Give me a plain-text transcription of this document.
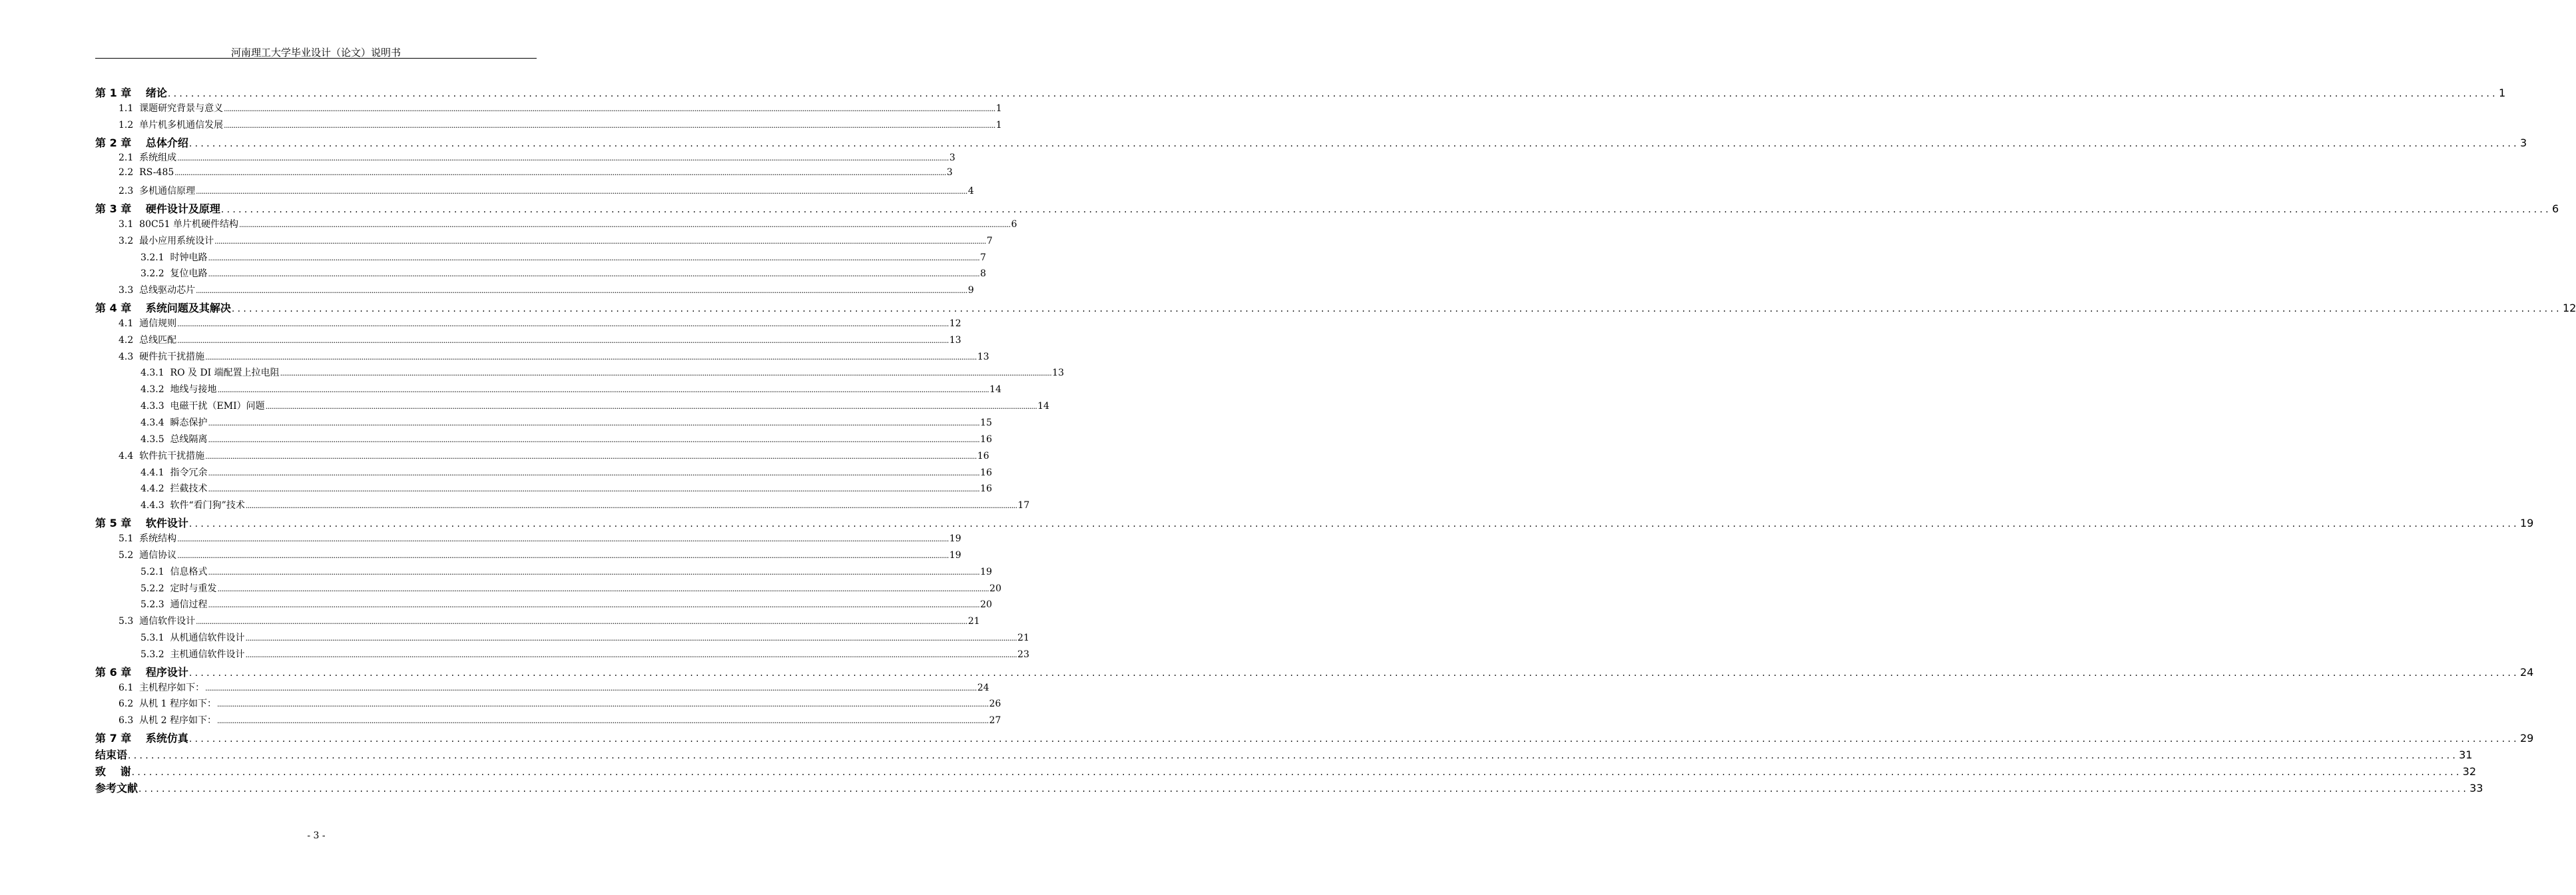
河南理工大学毕业设计（论文）说明书
第 1 章　 绪论 ................................................................................................................................................................................................................................................................................................................................................................................................................ 1
1.1  课题研究背景与意义 ................................................................................................................................................................................................................................................................................................................................................................................................................ 1
1.2  单片机多机通信发展 ................................................................................................................................................................................................................................................................................................................................................................................................................ 1
第 2 章　 总体介绍 ................................................................................................................................................................................................................................................................................................................................................................................................................ 3
2.1  系统组成 ................................................................................................................................................................................................................................................................................................................................................................................................................ 3
2.2  RS-485 ................................................................................................................................................................................................................................................................................................................................................................................................................ 3
2.3  多机通信原理 ................................................................................................................................................................................................................................................................................................................................................................................................................ 4
第 3 章　 硬件设计及原理 ................................................................................................................................................................................................................................................................................................................................................................................................................ 6
3.1  80C51 单片机硬件结构 ................................................................................................................................................................................................................................................................................................................................................................................................................ 6
3.2  最小应用系统设计 ................................................................................................................................................................................................................................................................................................................................................................................................................ 7
3.2.1  时钟电路 ................................................................................................................................................................................................................................................................................................................................................................................................................ 7
3.2.2  复位电路 ................................................................................................................................................................................................................................................................................................................................................................................................................ 8
3.3  总线驱动芯片 ................................................................................................................................................................................................................................................................................................................................................................................................................ 9
第 4 章　 系统问题及其解决 ................................................................................................................................................................................................................................................................................................................................................................................................................ 12
4.1  通信规则 ................................................................................................................................................................................................................................................................................................................................................................................................................ 12
4.2  总线匹配 ................................................................................................................................................................................................................................................................................................................................................................................................................ 13
4.3  硬件抗干扰措施 ................................................................................................................................................................................................................................................................................................................................................................................................................ 13
4.3.1  RO 及 DI 端配置上拉电阻 ................................................................................................................................................................................................................................................................................................................................................................................................................ 13
4.3.2  地线与接地 ................................................................................................................................................................................................................................................................................................................................................................................................................ 14
4.3.3  电磁干扰（EMI）问题 ................................................................................................................................................................................................................................................................................................................................................................................................................ 14
4.3.4  瞬态保护 ................................................................................................................................................................................................................................................................................................................................................................................................................ 15
4.3.5  总线隔离 ................................................................................................................................................................................................................................................................................................................................................................................................................ 16
4.4  软件抗干扰措施 ................................................................................................................................................................................................................................................................................................................................................................................................................ 16
4.4.1  指令冗余 ................................................................................................................................................................................................................................................................................................................................................................................................................ 16
4.4.2  拦截技术 ................................................................................................................................................................................................................................................................................................................................................................................................................ 16
4.4.3  软件“看门狗”技术 ................................................................................................................................................................................................................................................................................................................................................................................................................ 17
第 5 章　 软件设计 ................................................................................................................................................................................................................................................................................................................................................................................................................ 19
5.1  系统结构 ................................................................................................................................................................................................................................................................................................................................................................................................................ 19
5.2  通信协议 ................................................................................................................................................................................................................................................................................................................................................................................................................ 19
5.2.1  信息格式 ................................................................................................................................................................................................................................................................................................................................................................................................................ 19
5.2.2  定时与重发 ................................................................................................................................................................................................................................................................................................................................................................................................................ 20
5.2.3  通信过程 ................................................................................................................................................................................................................................................................................................................................................................................................................ 20
5.3  通信软件设计 ................................................................................................................................................................................................................................................................................................................................................................................................................ 21
5.3.1  从机通信软件设计 ................................................................................................................................................................................................................................................................................................................................................................................................................ 21
5.3.2  主机通信软件设计 ................................................................................................................................................................................................................................................................................................................................................................................................................ 23
第 6 章　 程序设计 ................................................................................................................................................................................................................................................................................................................................................................................................................ 24
6.1  主机程序如下： ................................................................................................................................................................................................................................................................................................................................................................................................................ 24
6.2  从机 1 程序如下： ................................................................................................................................................................................................................................................................................................................................................................................................................ 26
6.3  从机 2 程序如下： ................................................................................................................................................................................................................................................................................................................................................................................................................ 27
第 7 章　 系统仿真 ................................................................................................................................................................................................................................................................................................................................................................................................................ 29
结束语 ................................................................................................................................................................................................................................................................................................................................................................................................................ 31
致　 谢 ................................................................................................................................................................................................................................................................................................................................................................................................................ 32
参考文献 ................................................................................................................................................................................................................................................................................................................................................................................................................ 33
- 3 -
